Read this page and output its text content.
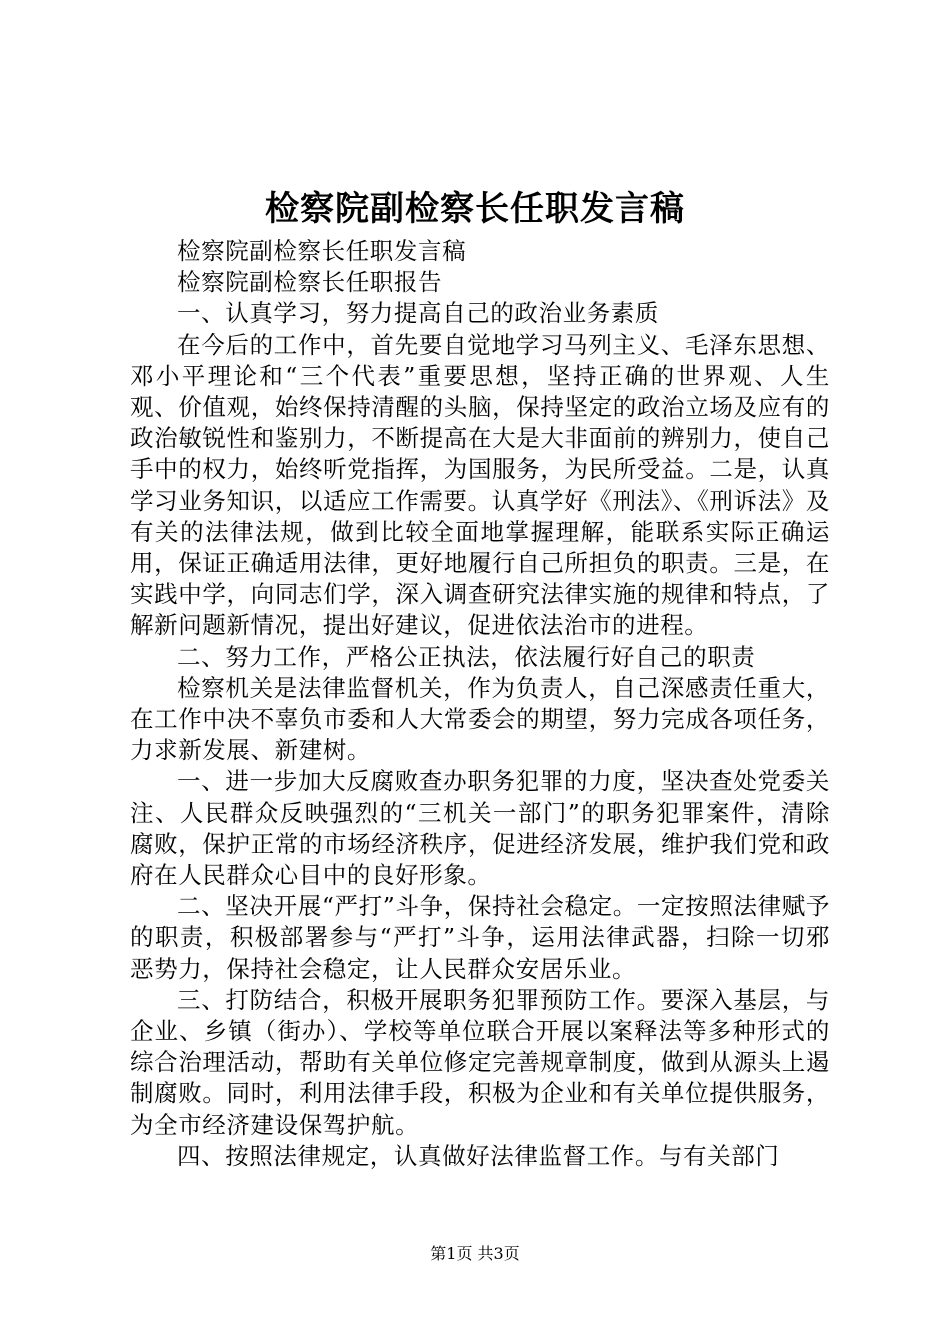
检察院副检察长任职发言稿

检察院副检察长任职发言稿

检察院副检察长任职报告

一、认真学习，努力提高自己的政治业务素质

在今后的工作中，首先要自觉地学习马列主义、毛泽东思想、邓小平理论和“三个代表”重要思想，坚持正确的世界观、人生观、价值观，始终保持清醒的头脑，保持坚定的政治立场及应有的政治敏锐性和鉴别力，不断提高在大是大非面前的辨别力，使自己手中的权力，始终听党指挥，为国服务，为民所受益。二是，认真学习业务知识，以适应工作需要。认真学好《刑法》、《刑诉法》及有关的法律法规，做到比较全面地掌握理解，能联系实际正确运用，保证正确适用法律，更好地履行自己所担负的职责。三是，在实践中学，向同志们学，深入调查研究法律实施的规律和特点，了解新问题新情况，提出好建议，促进依法治市的进程。

二、努力工作，严格公正执法，依法履行好自己的职责

检察机关是法律监督机关，作为负责人，自己深感责任重大，在工作中决不辜负市委和人大常委会的期望，努力完成各项任务，力求新发展、新建树。

一、进一步加大反腐败查办职务犯罪的力度，坚决查处党委关注、人民群众反映强烈的“三机关一部门”的职务犯罪案件，清除腐败，保护正常的市场经济秩序，促进经济发展，维护我们党和政府在人民群众心目中的良好形象。

二、坚决开展“严打”斗争，保持社会稳定。一定按照法律赋予的职责，积极部署参与“严打”斗争，运用法律武器，扫除一切邪恶势力，保持社会稳定，让人民群众安居乐业。

三、打防结合，积极开展职务犯罪预防工作。要深入基层，与企业、乡镇（街办）、学校等单位联合开展以案释法等多种形式的综合治理活动，帮助有关单位修定完善规章制度，做到从源头上遏制腐败。同时，利用法律手段，积极为企业和有关单位提供服务，为全市经济建设保驾护航。

四、按照法律规定，认真做好法律监督工作。与有关部门

第1页 共3页
